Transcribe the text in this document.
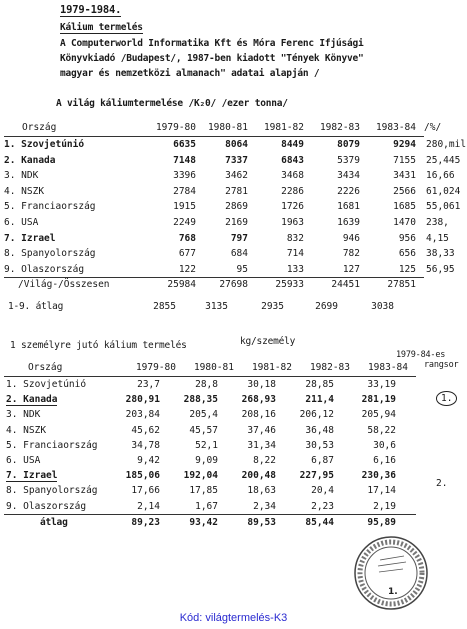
1979-1984.
Kálium termelés
A Computerworld Informatika Kft és Móra Ferenc Ifjúsági
Könyvkiadó /Budapest/, 1987-ben kiadott "Tények Könyve"
magyar és nemzetközi almanach" adatai alapján /
A világ káliumtermelése /K₂0/ /ezer tonna/
Ország	1979-80	1980-81	1981-82	1982-83	1983-84 /%/
1. Szovjetúnió	6635	8064	8449	8079	9294 280,mil
2. Kanada	7148	7337	6843	5379	7155 25,445
3. NDK	3396	3462	3468	3434	3431 16,66
4. NSZK	2784	2781	2286	2226	2566 61,024
5. Franciaország	1915	2869	1726	1681	1685 55,061
6. USA	2249	2169	1963	1639	1470 238,
7. Izrael	768	797	832	946	956 4,15
8. Spanyolország	677	684	714	782	656 38,33
9. Olaszország	122	95	133	127	125 56,95
/Világ-/Összesen	25984	27698	25933	24451	27851
1-9. átlag	2855	3135	2935	2699	3038
1 személyre jutó kálium termelés	kg/személy
Ország	1979-80	1980-81	1981-82	1982-83	1983-84
1979-84-es
rangsor
1. Szovjetúnió	23,7	28,8	30,18	28,85	33,19
2. Kanada	280,91	288,35	268,93	211,4	281,19	1.
3. NDK	203,84	205,4	208,16	206,12	205,94
4. NSZK	45,62	45,57	37,46	36,48	58,22
5. Franciaország	34,78	52,1	31,34	30,53	30,6
6. USA	9,42	9,09	8,22	6,87	6,16
7. Izrael	185,06	192,04	200,48	227,95	230,36
2.
8. Spanyolország	17,66	17,85	18,63	20,4	17,14
9. Olaszország	2,14	1,67	2,34	2,23	2,19
átlag	89,23	93,42	89,53	85,44	95,89
1.
Kód: világtermelés-K3
